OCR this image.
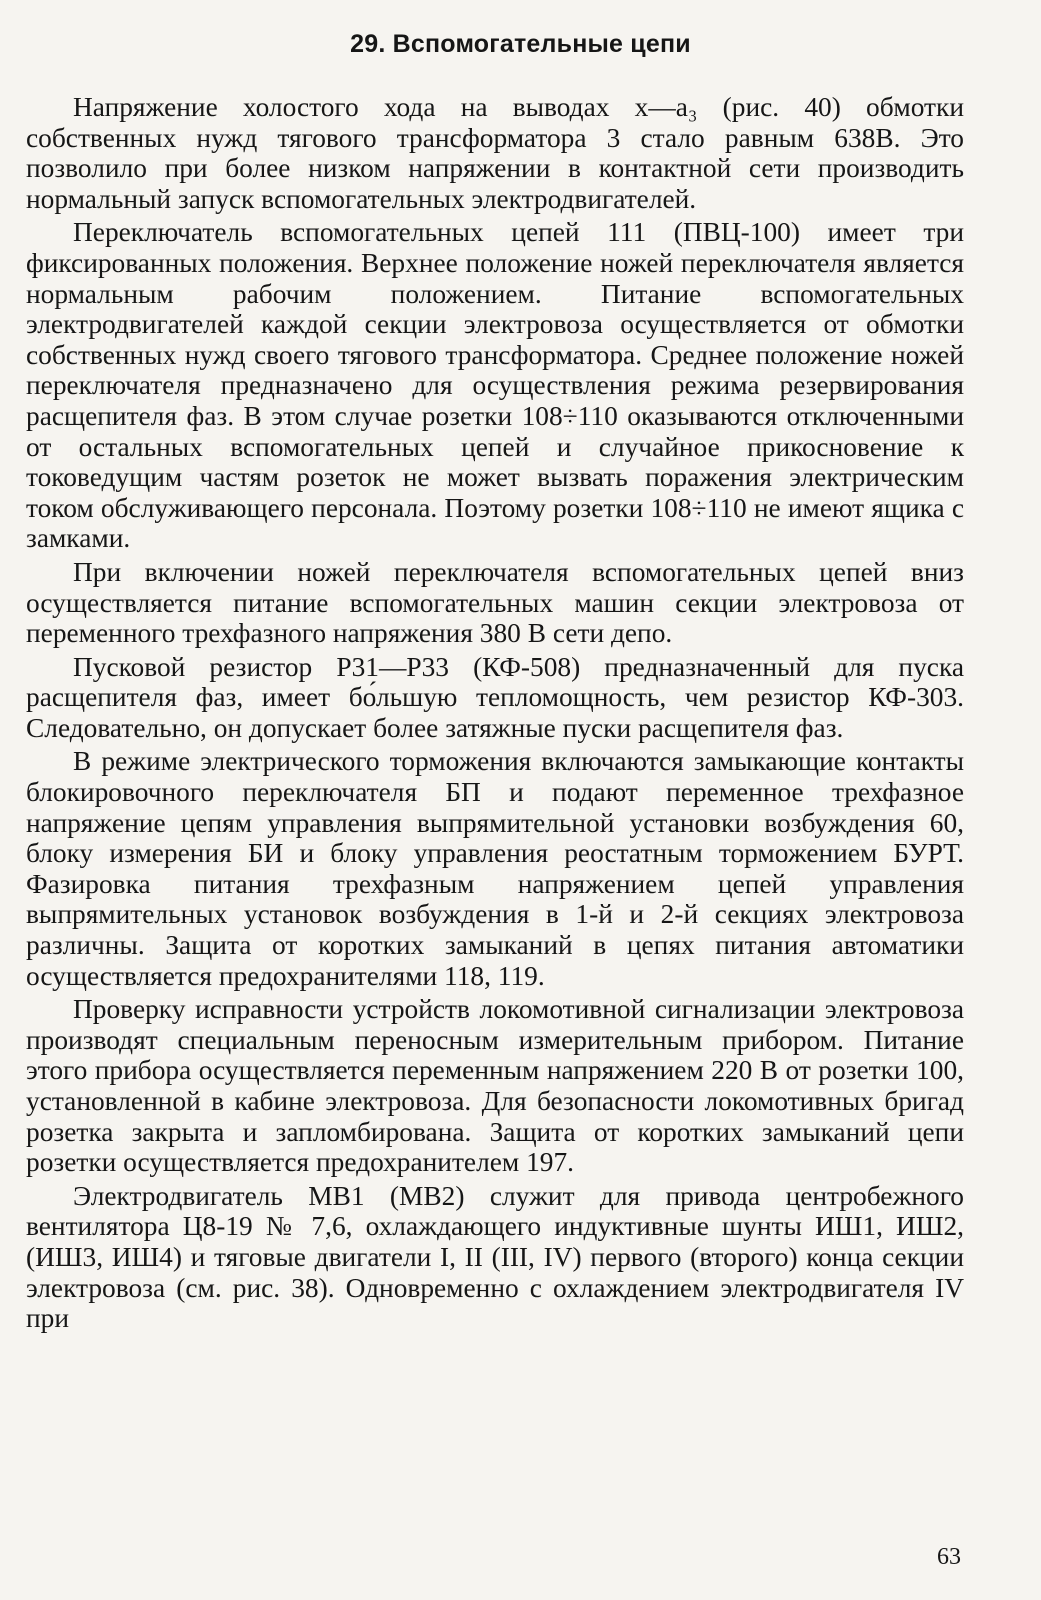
29. Вспомогательные цепи

Напряжение холостого хода на выводах x—a₃ (рис. 40) обмотки собственных нужд тягового трансформатора 3 стало равным 638В. Это позволило при более низком напряжении в контактной сети производить нормальный запуск вспомогательных электродвигателей.

Переключатель вспомогательных цепей 111 (ПВЦ-100) имеет три фиксированных положения. Верхнее положение ножей переключателя является нормальным рабочим положением. Питание вспомогательных электродвигателей каждой секции электровоза осуществляется от обмотки собственных нужд своего тягового трансформатора. Среднее положение ножей переключателя предназначено для осуществления режима резервирования расщепителя фаз. В этом случае розетки 108÷110 оказываются отключенными от остальных вспомогательных цепей и случайное прикосновение к токоведущим частям розеток не может вызвать поражения электрическим током обслуживающего персонала. Поэтому розетки 108÷110 не имеют ящика с замками.

При включении ножей переключателя вспомогательных цепей вниз осуществляется питание вспомогательных машин секции электровоза от переменного трехфазного напряжения 380 В сети депо.

Пусковой резистор Р31—Р33 (КФ-508) предназначенный для пуска расщепителя фаз, имеет бо́льшую тепломощность, чем резистор КФ-303. Следовательно, он допускает более затяжные пуски расщепителя фаз.

В режиме электрического торможения включаются замыкающие контакты блокировочного переключателя БП и подают переменное трехфазное напряжение цепям управления выпрямительной установки возбуждения 60, блоку измерения БИ и блоку управления реостатным торможением БУРТ. Фазировка питания трехфазным напряжением цепей управления выпрямительных установок возбуждения в 1-й и 2-й секциях электровоза различны. Защита от коротких замыканий в цепях питания автоматики осуществляется предохранителями 118, 119.

Проверку исправности устройств локомотивной сигнализации электровоза производят специальным переносным измерительным прибором. Питание этого прибора осуществляется переменным напряжением 220 В от розетки 100, установленной в кабине электровоза. Для безопасности локомотивных бригад розетка закрыта и запломбирована. Защита от коротких замыканий цепи розетки осуществляется предохранителем 197.

Электродвигатель МВ1 (МВ2) служит для привода центробежного вентилятора Ц8-19 № 7,6, охлаждающего индуктивные шунты ИШ1, ИШ2, (ИШ3, ИШ4) и тяговые двигатели I, II (III, IV) первого (второго) конца секции электровоза (см. рис. 38). Одновременно с охлаждением электродвигателя IV при

63
